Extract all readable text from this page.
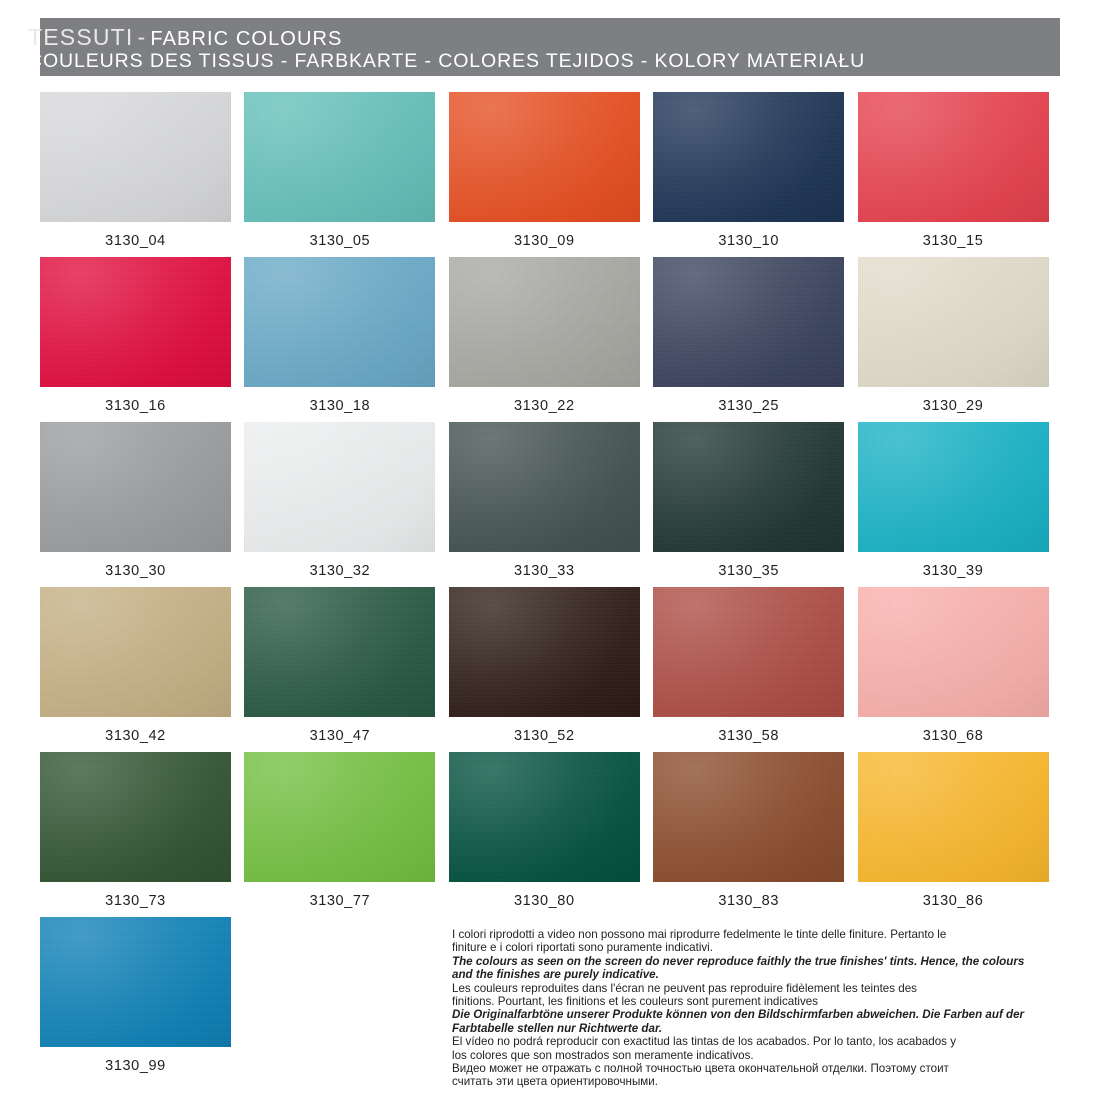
TESSUTI - FABRIC COLOURS
COULEURS DES TISSUS - FARBKARTE - COLORES TEJIDOS - KOLORY MATERIAŁU
3130_04	3130_05	3130_09	3130_10	3130_15
3130_16	3130_18	3130_22	3130_25	3130_29
3130_30	3130_32	3130_33	3130_35	3130_39
3130_42	3130_47	3130_52	3130_58	3130_68
3130_73	3130_77	3130_80	3130_83	3130_86
3130_99

I colori riprodotti a video non possono mai riprodurre fedelmente le tinte delle finiture. Pertanto le

finiture e i colori riportati sono puramente indicativi.

The colours as seen on the screen do never reproduce faithly the true finishes' tints. Hence, the colours

and the finishes are purely indicative.

Les couleurs reproduites dans l'écran ne peuvent pas reproduire fidèlement les teintes des

finitions. Pourtant, les finitions et les couleurs sont purement indicatives

Die Originalfarbtöne unserer Produkte können von den Bildschirmfarben abweichen. Die Farben auf der

Farbtabelle stellen nur Richtwerte dar.

El vídeo no podrá reproducir con exactitud las tintas de los acabados. Por lo tanto, los acabados y

los colores que son mostrados son meramente indicativos.

Видео может не отражать с полной точностью цвета окончательной отделки. Поэтому стоит

считать эти цвета ориентировочными.
